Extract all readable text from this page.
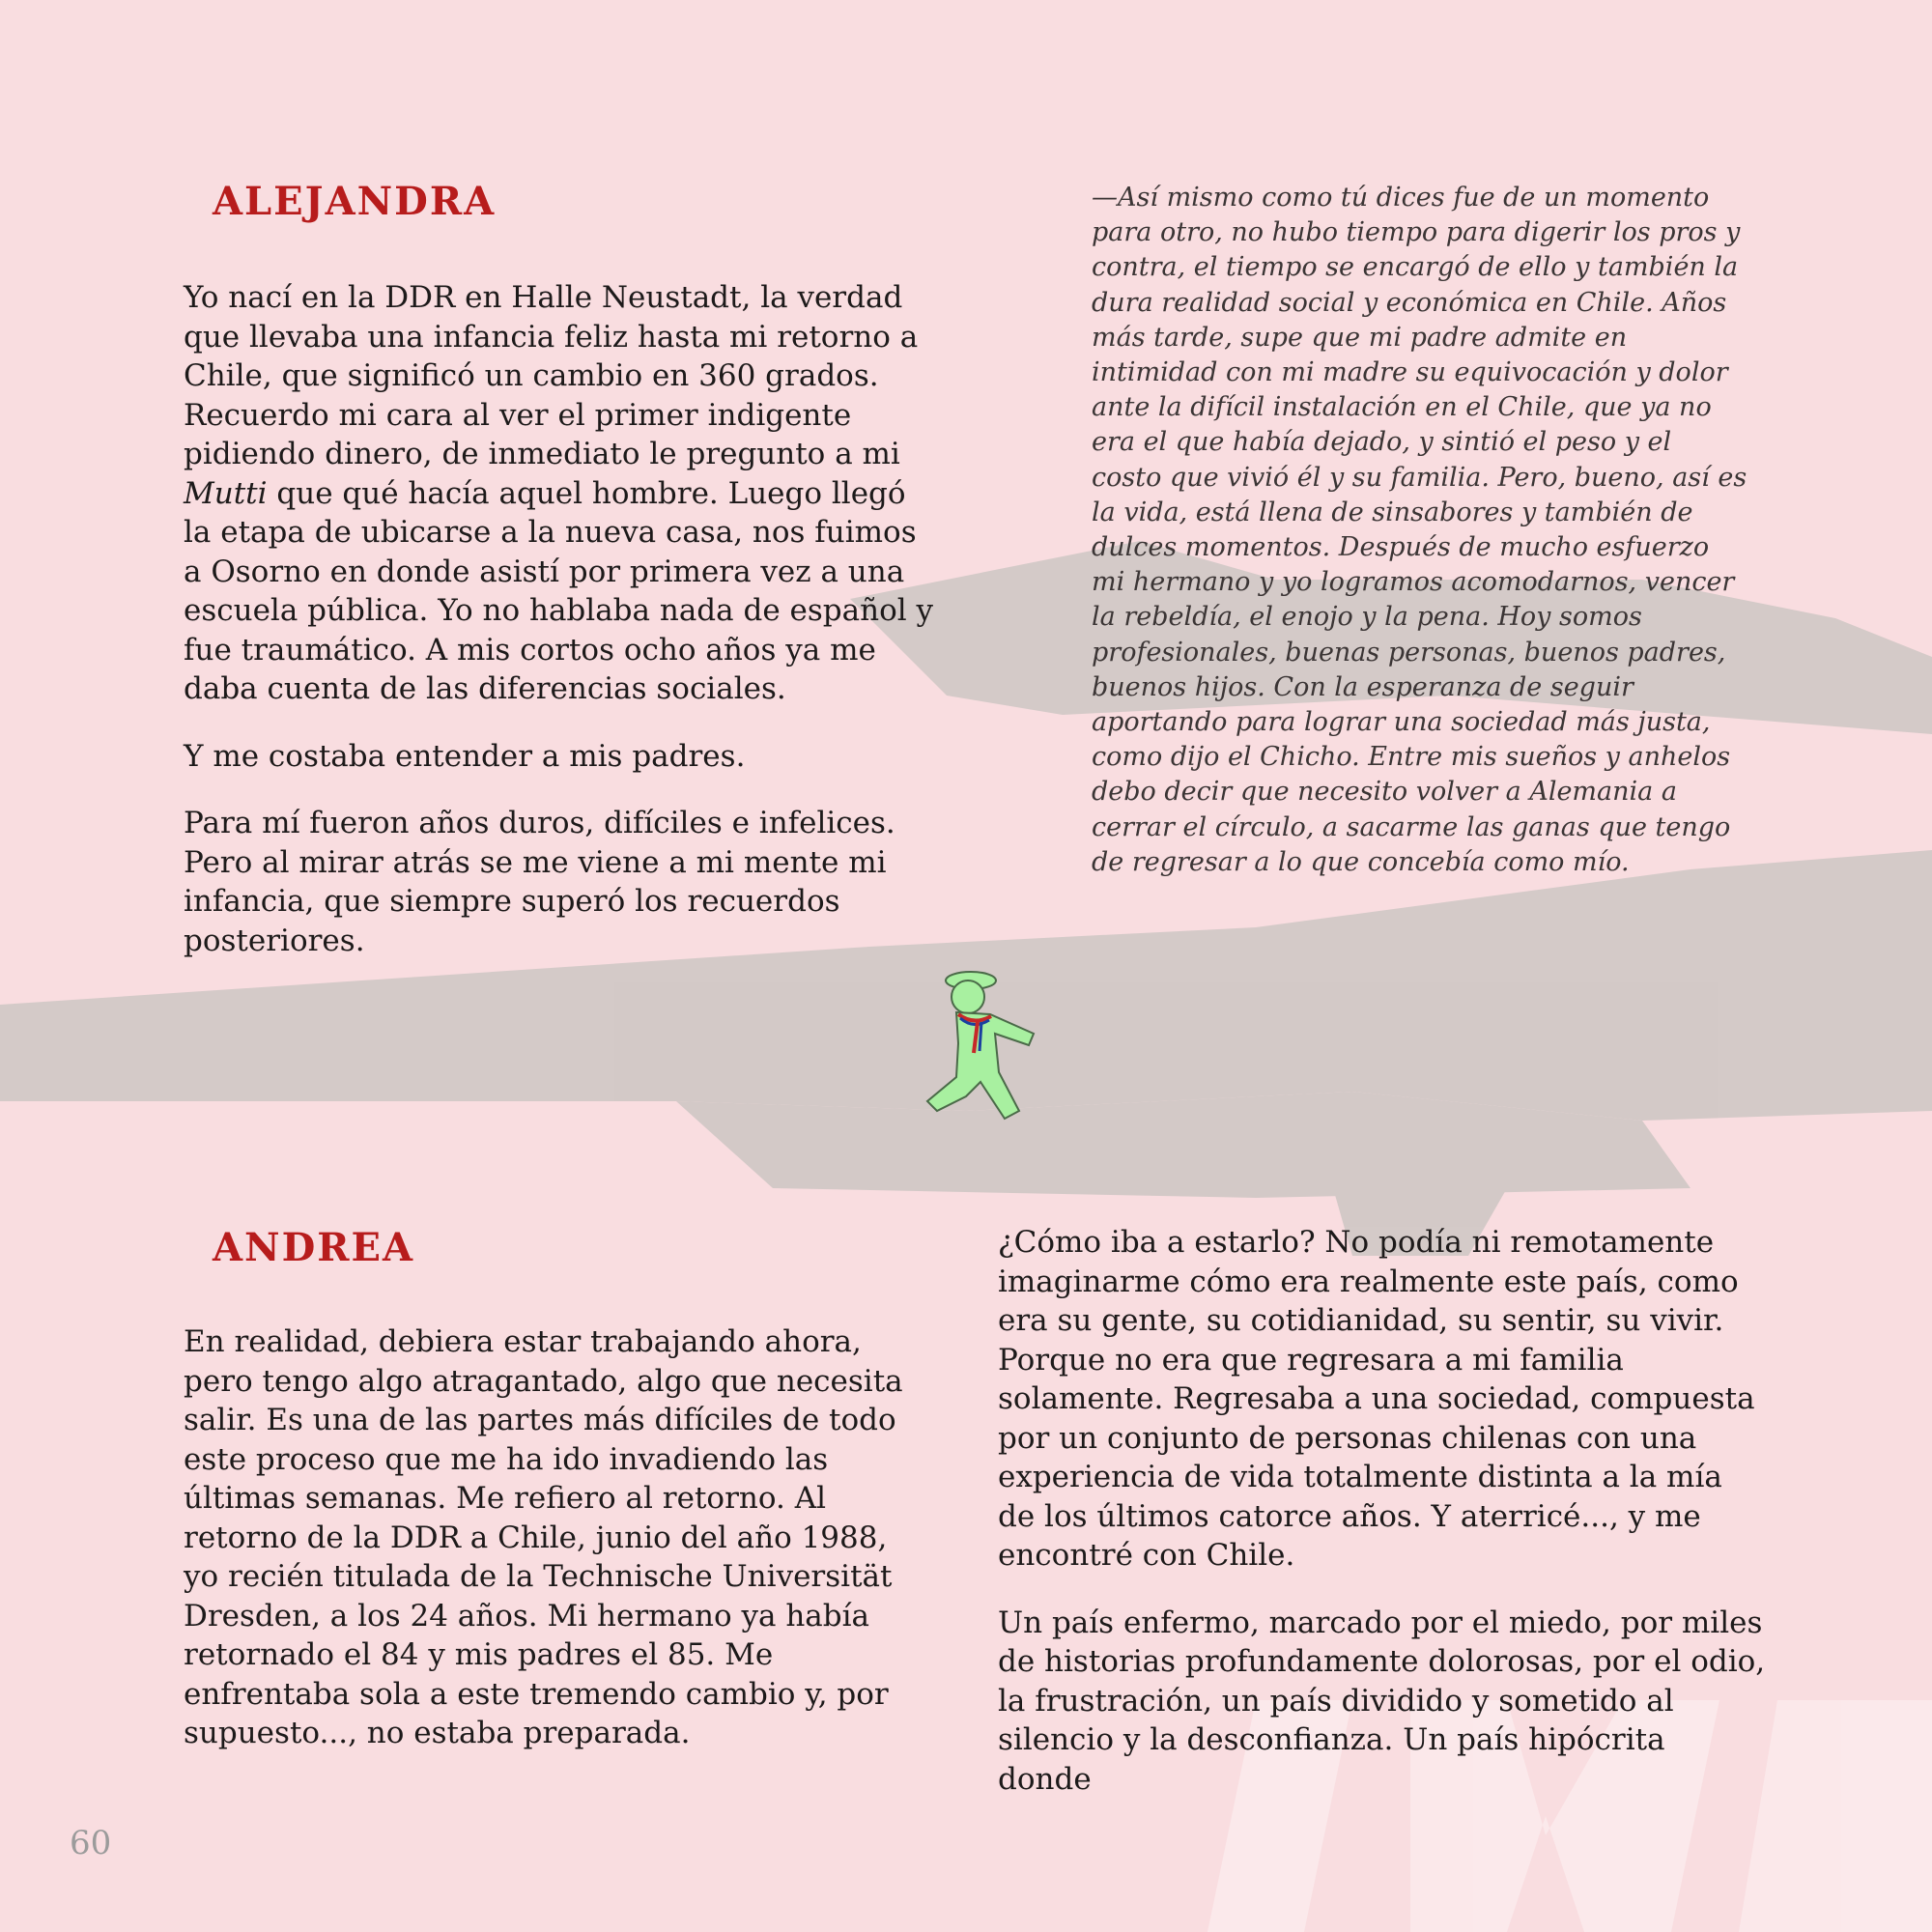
ALEJANDRA

Yo nací en la DDR en Halle Neustadt, la verdad que llevaba una infancia feliz hasta mi retorno a Chile, que significó un cambio en 360 grados. Recuerdo mi cara al ver el primer indigente pidiendo dinero, de inmediato le pregunto a mi Mutti que qué hacía aquel hombre. Luego llegó la etapa de ubicarse a la nueva casa, nos fuimos a Osorno en donde asistí por primera vez a una escuela pública. Yo no hablaba nada de español y fue traumático. A mis cortos ocho años ya me daba cuenta de las diferencias sociales.

Y me costaba entender a mis padres.

Para mí fueron años duros, difíciles e infelices. Pero al mirar atrás se me viene a mi mente mi infancia, que siempre superó los recuerdos posteriores.

—Así mismo como tú dices fue de un momento para otro, no hubo tiempo para digerir los pros y contra, el tiempo se encargó de ello y también la dura realidad social y económica en Chile. Años más tarde, supe que mi padre admite en intimidad con mi madre su equivocación y dolor ante la difícil instalación en el Chile, que ya no era el que había dejado, y sintió el peso y el costo que vivió él y su familia. Pero, bueno, así es la vida, está llena de sinsabores y también de dulces momentos. Después de mucho esfuerzo mi hermano y yo logramos acomodarnos, vencer la rebeldía, el enojo y la pena. Hoy somos profesionales, buenas personas, buenos padres, buenos hijos. Con la esperanza de seguir aportando para lograr una sociedad más justa, como dijo el Chicho. Entre mis sueños y anhelos debo decir que necesito volver a Alemania a cerrar el círculo, a sacarme las ganas que tengo de regresar a lo que concebía como mío.

ANDREA

En realidad, debiera estar trabajando ahora, pero tengo algo atragantado, algo que necesita salir. Es una de las partes más difíciles de todo este proceso que me ha ido invadiendo las últimas semanas. Me refiero al retorno. Al retorno de la DDR a Chile, junio del año 1988, yo recién titulada de la Technische Universität Dresden, a los 24 años. Mi hermano ya había retornado el 84 y mis padres el 85. Me enfrentaba sola a este tremendo cambio y, por supuesto..., no estaba preparada.

¿Cómo iba a estarlo? No podía ni remotamente imaginarme cómo era realmente este país, como era su gente, su cotidianidad, su sentir, su vivir. Porque no era que regresara a mi familia solamente. Regresaba a una sociedad, compuesta por un conjunto de personas chilenas con una experiencia de vida totalmente distinta a la mía de los últimos catorce años. Y aterricé..., y me encontré con Chile.

Un país enfermo, marcado por el miedo, por miles de historias profundamente dolorosas, por el odio, la frustración, un país dividido y sometido al silencio y la desconfianza. Un país hipócrita donde

60
